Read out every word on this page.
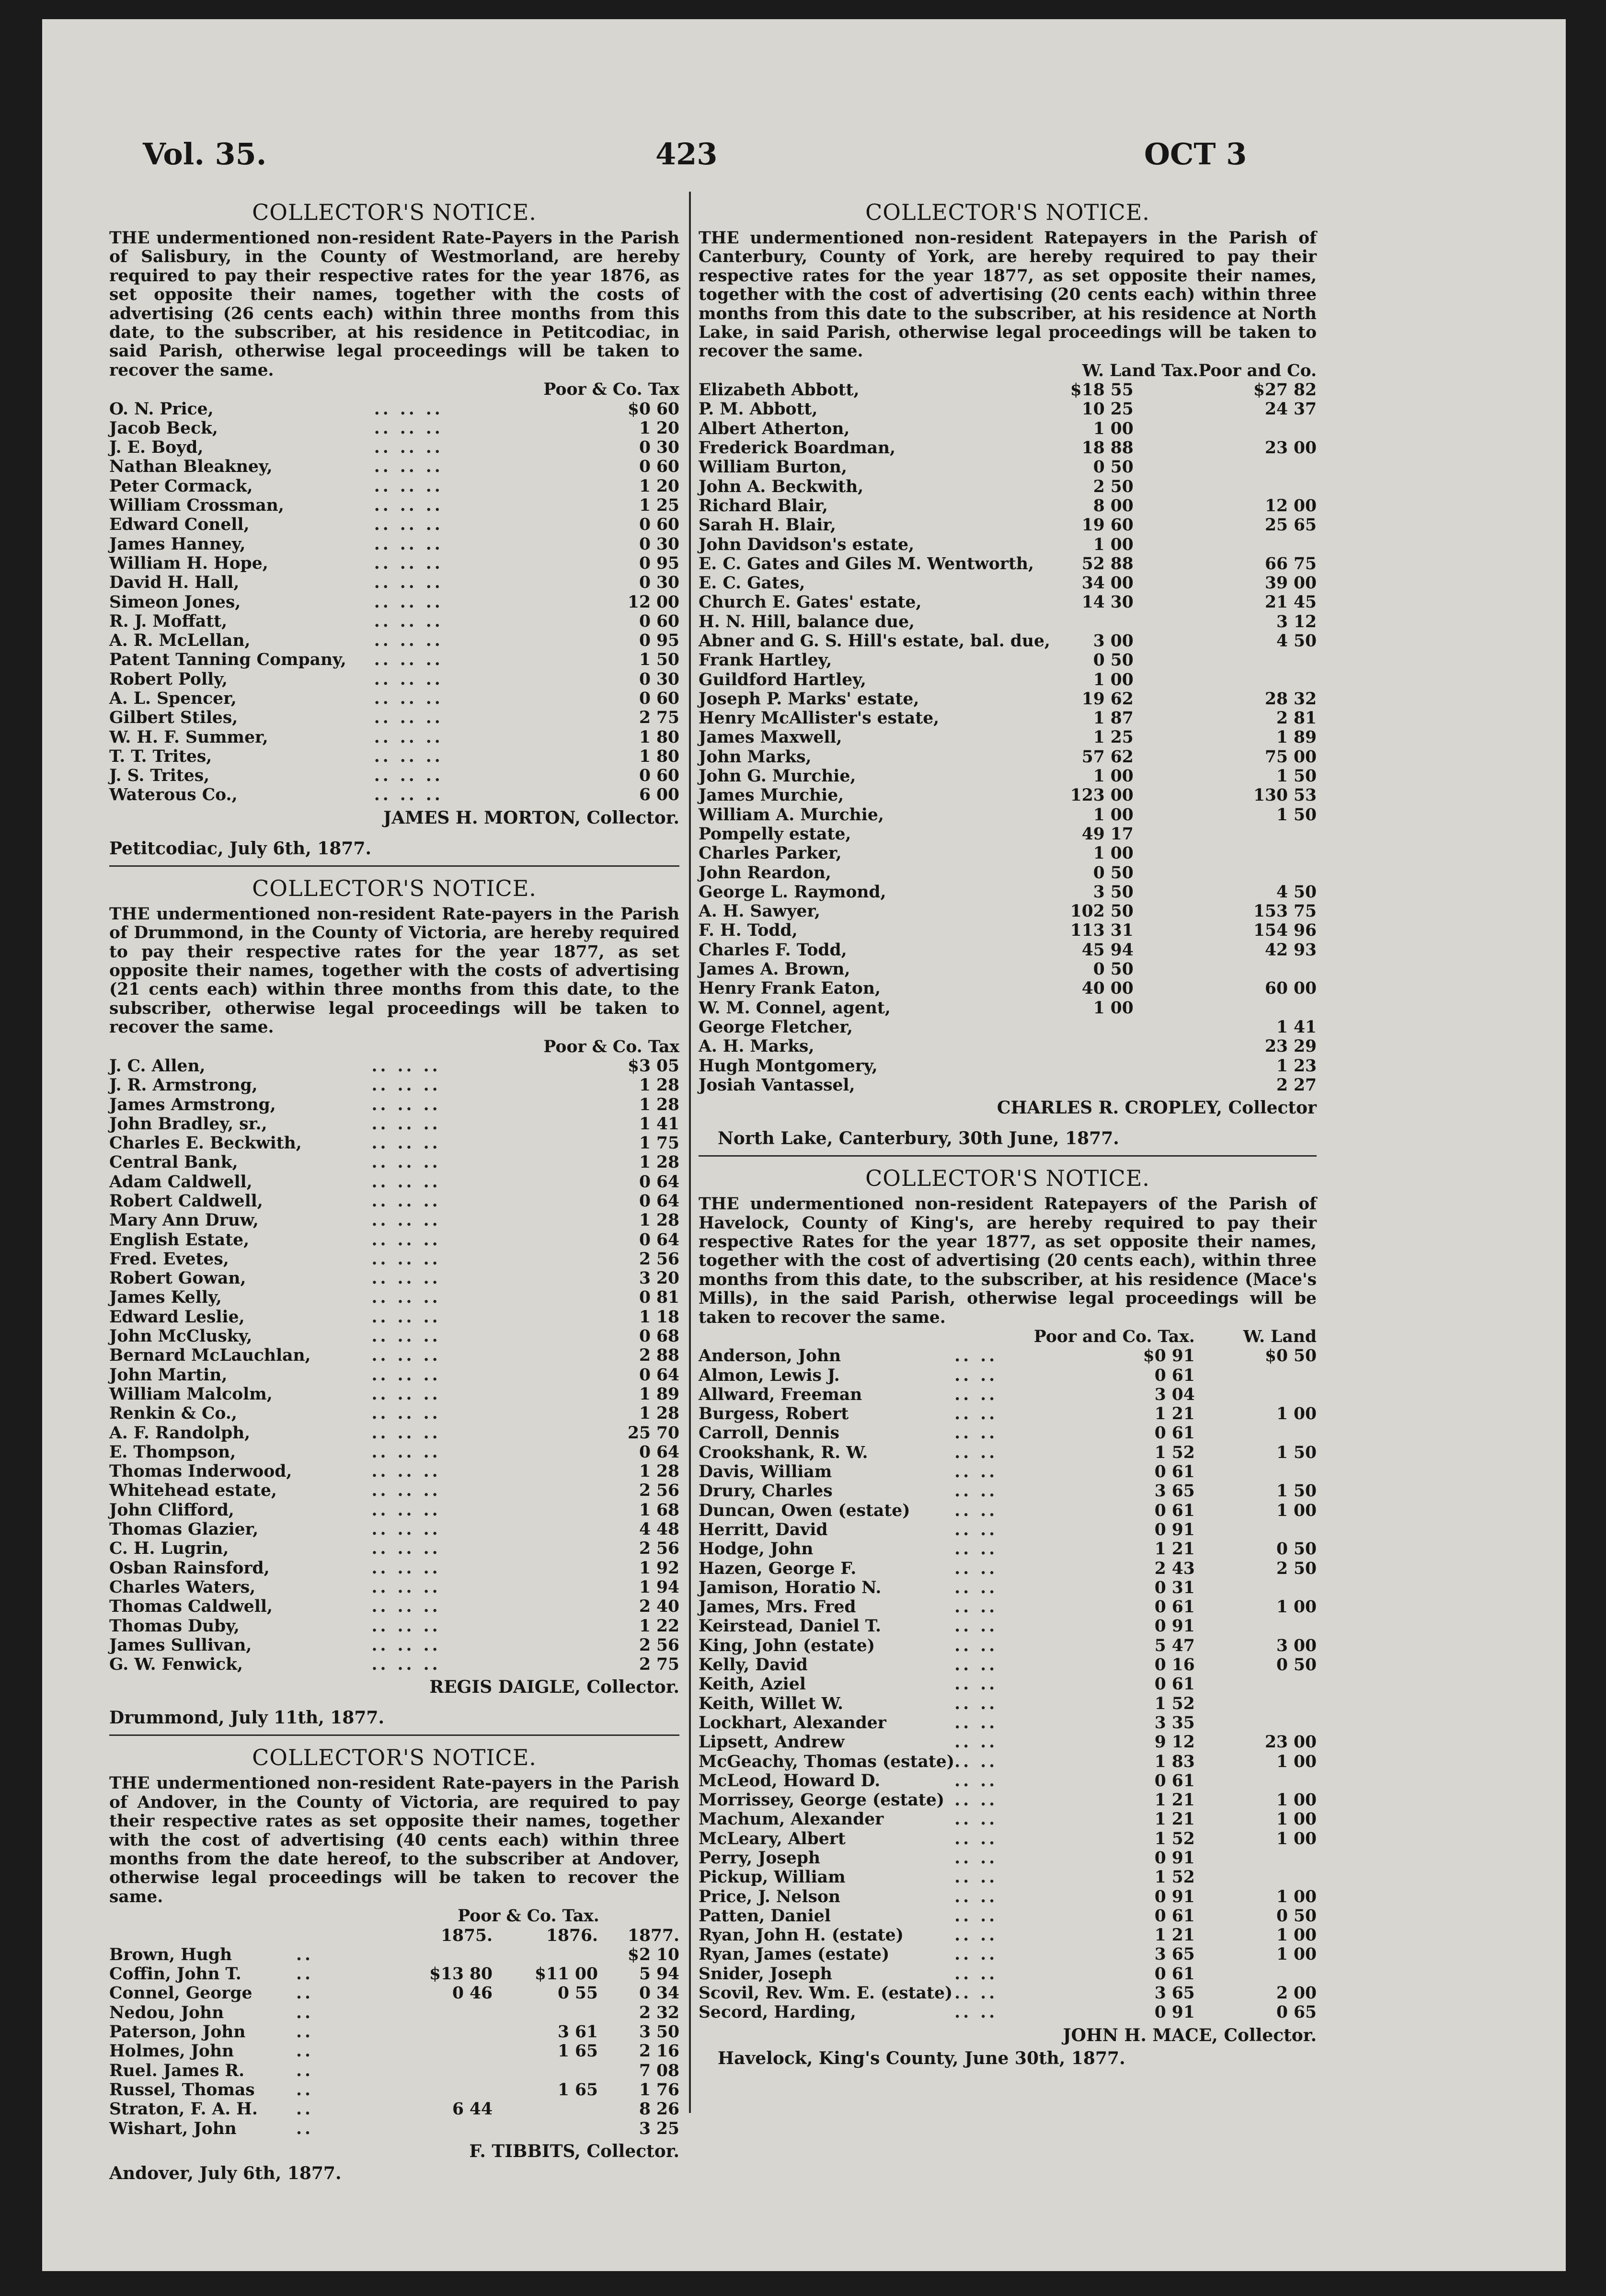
Vol. 35.	423	OCT 3
COLLECTOR'S NOTICE.

THE undermentioned non-resident Rate-Payers in the Parish of Salisbury, in the County of Westmorland, are hereby required to pay their respective rates for the year 1876, as set opposite their names, together with the costs of advertising (26 cents each) within three months from this date, to the subscriber, at his residence in Petitcodiac, in said Parish, otherwise legal proceedings will be taken to recover the same.

		Poor & Co. Tax
O. N. Price,	.. .. ..	$0 60
Jacob Beck,	.. .. ..	1 20
J. E. Boyd,	.. .. ..	0 30
Nathan Bleakney,	.. .. ..	0 60
Peter Cormack,	.. .. ..	1 20
William Crossman,	.. .. ..	1 25
Edward Conell,	.. .. ..	0 60
James Hanney,	.. .. ..	0 30
William H. Hope,	.. .. ..	0 95
David H. Hall,	.. .. ..	0 30
Simeon Jones,	.. .. ..	12 00
R. J. Moffatt,	.. .. ..	0 60
A. R. McLellan,	.. .. ..	0 95
Patent Tanning Company,	.. .. ..	1 50
Robert Polly,	.. .. ..	0 30
A. L. Spencer,	.. .. ..	0 60
Gilbert Stiles,	.. .. ..	2 75
W. H. F. Summer,	.. .. ..	1 80
T. T. Trites,	.. .. ..	1 80
J. S. Trites,	.. .. ..	0 60
Waterous Co.,	.. .. ..	6 00
JAMES H. MORTON, Collector.
Petitcodiac, July 6th, 1877.
COLLECTOR'S NOTICE.

THE undermentioned non-resident Rate-payers in the Parish of Drummond, in the County of Victoria, are hereby required to pay their respective rates for the year 1877, as set opposite their names, together with the costs of advertising (21 cents each) within three months from this date, to the subscriber, otherwise legal proceedings will be taken to recover the same.

		Poor & Co. Tax
J. C. Allen,	.. .. ..	$3 05
J. R. Armstrong,	.. .. ..	1 28
James Armstrong,	.. .. ..	1 28
John Bradley, sr.,	.. .. ..	1 41
Charles E. Beckwith,	.. .. ..	1 75
Central Bank,	.. .. ..	1 28
Adam Caldwell,	.. .. ..	0 64
Robert Caldwell,	.. .. ..	0 64
Mary Ann Druw,	.. .. ..	1 28
English Estate,	.. .. ..	0 64
Fred. Evetes,	.. .. ..	2 56
Robert Gowan,	.. .. ..	3 20
James Kelly,	.. .. ..	0 81
Edward Leslie,	.. .. ..	1 18
John McClusky,	.. .. ..	0 68
Bernard McLauchlan,	.. .. ..	2 88
John Martin,	.. .. ..	0 64
William Malcolm,	.. .. ..	1 89
Renkin & Co.,	.. .. ..	1 28
A. F. Randolph,	.. .. ..	25 70
E. Thompson,	.. .. ..	0 64
Thomas Inderwood,	.. .. ..	1 28
Whitehead estate,	.. .. ..	2 56
John Clifford,	.. .. ..	1 68
Thomas Glazier,	.. .. ..	4 48
C. H. Lugrin,	.. .. ..	2 56
Osban Rainsford,	.. .. ..	1 92
Charles Waters,	.. .. ..	1 94
Thomas Caldwell,	.. .. ..	2 40
Thomas Duby,	.. .. ..	1 22
James Sullivan,	.. .. ..	2 56
G. W. Fenwick,	.. .. ..	2 75
REGIS DAIGLE, Collector.
Drummond, July 11th, 1877.
COLLECTOR'S NOTICE.

THE undermentioned non-resident Rate-payers in the Parish of Andover, in the County of Victoria, are required to pay their respective rates as set opposite their names, together with the cost of advertising (40 cents each) within three months from the date hereof, to the subscriber at Andover, otherwise legal proceedings will be taken to recover the same.

		Poor & Co. Tax.		
		1875.	1876.	1877.
Brown, Hugh	..			$2 10
Coffin, John T.	..	$13 80	$11 00	5 94
Connel, George	..	0 46	0 55	0 34
Nedou, John	..			2 32
Paterson, John	..		3 61	3 50
Holmes, John	..		1 65	2 16
Ruel. James R.	..			7 08
Russel, Thomas	..		1 65	1 76
Straton, F. A. H.	..	6 44		8 26
Wishart, John	..			3 25
F. TIBBITS, Collector.
Andover, July 6th, 1877.
COLLECTOR'S NOTICE.

THE undermentioned non-resident Ratepayers in the Parish of Canterbury, County of York, are hereby required to pay their respective rates for the year 1877, as set opposite their names, together with the cost of advertising (20 cents each) within three months from this date to the subscriber, at his residence at North Lake, in said Parish, otherwise legal proceedings will be taken to recover the same.

	W. Land Tax.		Poor and Co.
Elizabeth Abbott,	$18 55		$27 82
P. M. Abbott,	10 25		24 37
Albert Atherton,	1 00		
Frederick Boardman,	18 88		23 00
William Burton,	0 50		
John A. Beckwith,	2 50		
Richard Blair,	8 00		12 00
Sarah H. Blair,	19 60		25 65
John Davidson's estate,	1 00		
E. C. Gates and Giles M. Wentworth,	52 88		66 75
E. C. Gates,	34 00		39 00
Church E. Gates' estate,	14 30		21 45
H. N. Hill, balance due,			3 12
Abner and G. S. Hill's estate, bal. due,	3 00		4 50
Frank Hartley,	0 50		
Guildford Hartley,	1 00		
Joseph P. Marks' estate,	19 62		28 32
Henry McAllister's estate,	1 87		2 81
James Maxwell,	1 25		1 89
John Marks,	57 62		75 00
John G. Murchie,	1 00		1 50
James Murchie,	123 00		130 53
William A. Murchie,	1 00		1 50
Pompelly estate,	49 17		
Charles Parker,	1 00		
John Reardon,	0 50		
George L. Raymond,	3 50		4 50
A. H. Sawyer,	102 50		153 75
F. H. Todd,	113 31		154 96
Charles F. Todd,	45 94		42 93
James A. Brown,	0 50		
Henry Frank Eaton,	40 00		60 00
W. M. Connel, agent,	1 00		
George Fletcher,			1 41
A. H. Marks,			23 29
Hugh Montgomery,			1 23
Josiah Vantassel,			2 27
CHARLES R. CROPLEY, Collector
North Lake, Canterbury, 30th June, 1877.
COLLECTOR'S NOTICE.

THE undermentioned non-resident Ratepayers of the Parish of Havelock, County of King's, are hereby required to pay their respective Rates for the year 1877, as set opposite their names, together with the cost of advertising (20 cents each), within three months from this date, to the subscriber, at his residence (Mace's Mills), in the said Parish, otherwise legal proceedings will be taken to recover the same.

		Poor and Co. Tax.	W. Land
Anderson, John	.. ..	$0 91	$0 50
Almon, Lewis J.	.. ..	0 61	
Allward, Freeman	.. ..	3 04	
Burgess, Robert	.. ..	1 21	1 00
Carroll, Dennis	.. ..	0 61	
Crookshank, R. W.	.. ..	1 52	1 50
Davis, William	.. ..	0 61	
Drury, Charles	.. ..	3 65	1 50
Duncan, Owen (estate)	.. ..	0 61	1 00
Herritt, David	.. ..	0 91	
Hodge, John	.. ..	1 21	0 50
Hazen, George F.	.. ..	2 43	2 50
Jamison, Horatio N.	.. ..	0 31	
James, Mrs. Fred	.. ..	0 61	1 00
Keirstead, Daniel T.	.. ..	0 91	
King, John (estate)	.. ..	5 47	3 00
Kelly, David	.. ..	0 16	0 50
Keith, Aziel	.. ..	0 61	
Keith, Willet W.	.. ..	1 52	
Lockhart, Alexander	.. ..	3 35	
Lipsett, Andrew	.. ..	9 12	23 00
McGeachy, Thomas (estate)	.. ..	1 83	1 00
McLeod, Howard D.	.. ..	0 61	
Morrissey, George (estate)	.. ..	1 21	1 00
Machum, Alexander	.. ..	1 21	1 00
McLeary, Albert	.. ..	1 52	1 00
Perry, Joseph	.. ..	0 91	
Pickup, William	.. ..	1 52	
Price, J. Nelson	.. ..	0 91	1 00
Patten, Daniel	.. ..	0 61	0 50
Ryan, John H. (estate)	.. ..	1 21	1 00
Ryan, James (estate)	.. ..	3 65	1 00
Snider, Joseph	.. ..	0 61	
Scovil, Rev. Wm. E. (estate)	.. ..	3 65	2 00
Secord, Harding,	.. ..	0 91	0 65
JOHN H. MACE, Collector.
Havelock, King's County, June 30th, 1877.
